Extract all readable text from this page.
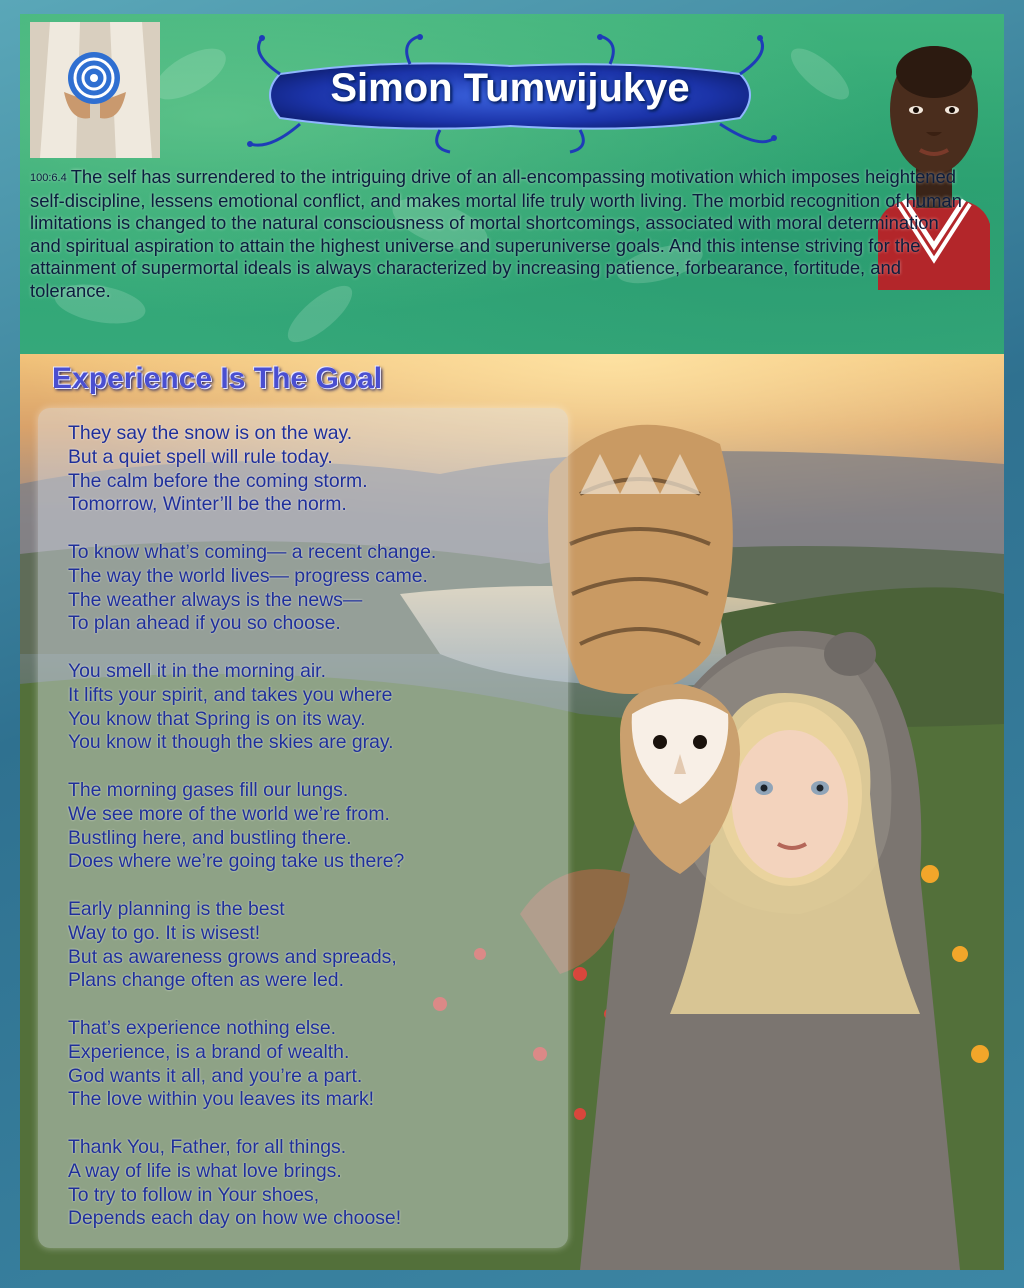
Simon Tumwijukye
100:6.4 The self has surrendered to the intriguing drive of an all-encompassing motivation which imposes heightened self-discipline, lessens emotional conflict, and makes mortal life truly worth living. The morbid recognition of human limitations is changed to the natural consciousness of mortal shortcomings, associated with moral determination and spiritual aspiration to attain the highest universe and superuniverse goals. And this intense striving for the attainment of supermortal ideals is always characterized by increasing patience, forbearance, fortitude, and tolerance.
Experience Is The Goal
They say the snow is on the way.
But a quiet spell will rule today.
The calm before the coming storm.
Tomorrow, Winter’ll be the norm.
To know what’s coming— a recent change.
The way the world lives— progress came.
The weather always is the news—
To plan ahead if you so choose.
You smell it in the morning air.
It lifts your spirit, and takes you where
You know that Spring is on its way.
You know it though the skies are gray.
The morning gases fill our lungs.
We see more of the world we’re from.
Bustling here, and bustling there.
Does where we’re going take us there?
Early planning is the best
Way to go. It is wisest!
But as awareness grows and spreads,
Plans change often as were led.
That’s experience nothing else.
Experience, is a brand of wealth.
God wants it all, and you’re a part.
The love within you leaves its mark!
Thank You, Father, for all things.
A way of life is what love brings.
To try to follow in Your shoes,
Depends each day on how we choose!
